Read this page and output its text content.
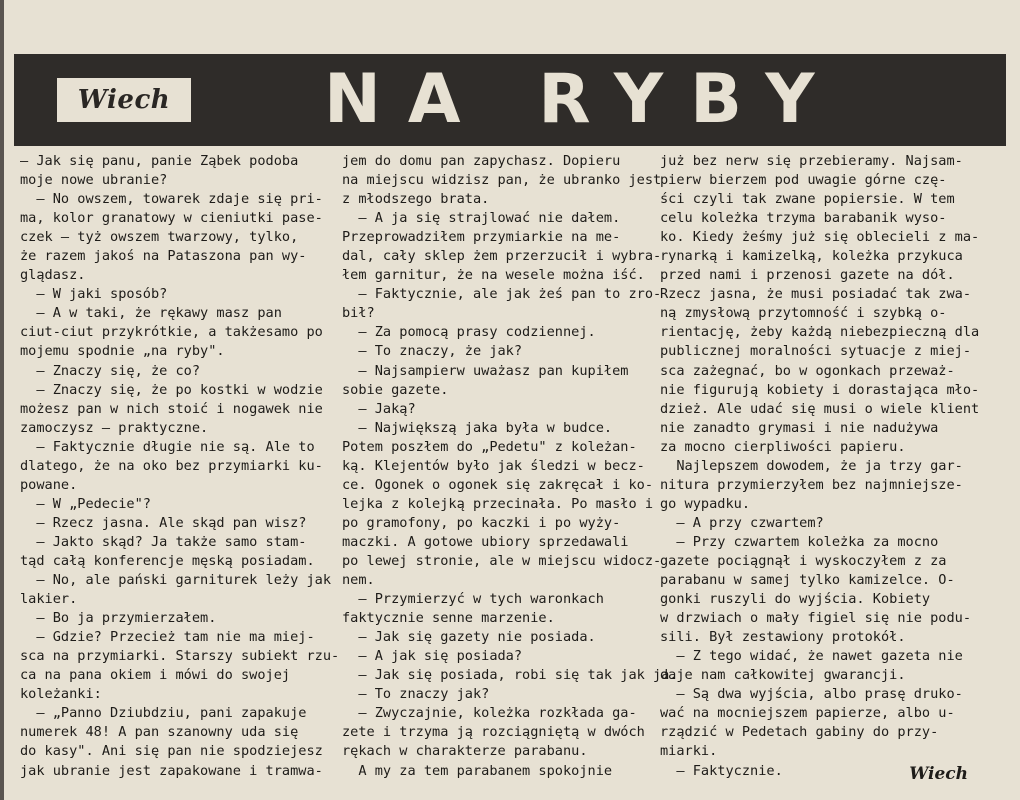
Wiech NA RYBY
— Jak się panu, panie Ząbek podoba
moje nowe ubranie?
— No owszem, towarek zdaje się pri-
ma, kolor granatowy w cieniutki pase-
czek — tyż owszem twarzowy, tylko,
że razem jakoś na Pataszona pan wy-
glądasz.
— W jaki sposób?
— A w taki, że rękawy masz pan
ciut-ciut przykrótkie, a takżesamo po
mojemu spodnie „na ryby".
— Znaczy się, że co?
— Znaczy się, że po kostki w wodzie
możesz pan w nich stoić i nogawek nie
zamoczysz — praktyczne.
— Faktycznie długie nie są. Ale to
dlatego, że na oko bez przymiarki ku-
powane.
— W „Pedecie"?
— Rzecz jasna. Ale skąd pan wisz?
— Jakto skąd? Ja także samo stam-
tąd całą konferencje męską posiadam.
— No, ale pański garniturek leży jak
lakier.
— Bo ja przymierzałem.
— Gdzie? Przecież tam nie ma miej-
sca na przymiarki. Starszy subiekt rzu-
ca na pana okiem i mówi do swojej
koleżanki:
— „Panno Dziubdziu, pani zapakuje
numerek 48! A pan szanowny uda się
do kasy". Ani się pan nie spodziejesz
jak ubranie jest zapakowane i tramwa-
jem do domu pan zapychasz. Dopieru
na miejscu widzisz pan, że ubranko jest
z młodszego brata.
— A ja się strajlować nie dałem.
Przeprowadziłem przymiarkie na me-
dal, cały sklep żem przerzucił i wybra-
łem garnitur, że na wesele można iść.
— Faktycznie, ale jak żeś pan to zro-
bił?
— Za pomocą prasy codziennej.
— To znaczy, że jak?
— Najsampierw uważasz pan kupiłem
sobie gazete.
— Jaką?
— Największą jaka była w budce.
Potem poszłem do „Pedetu" z koleżan-
ką. Klejentów było jak śledzi w becz-
ce. Ogonek o ogonek się zakręcał i ko-
lejka z kolejką przecinała. Po masło i
po gramofony, po kaczki i po wyży-
maczki. A gotowe ubiory sprzedawali
po lewej stronie, ale w miejscu widocz-
nem.
— Przymierzyć w tych waronkach
faktycznie senne marzenie.
— Jak się gazety nie posiada.
— A jak się posiada?
— Jak się posiada, robi się tak jak ja.
— To znaczy jak?
— Zwyczajnie, koleżka rozkłada ga-
zete i trzyma ją rozciągniętą w dwóch
rękach w charakterze parabanu.
A my za tem parabanem spokojnie
już bez nerw się przebieramy. Najsam-
pierw bierzem pod uwagie górne czę-
ści czyli tak zwane popiersie. W tem
celu koleżka trzyma barabanik wyso-
ko. Kiedy żeśmy już się oblecieli z ma-
rynarką i kamizelką, koleżka przykuca
przed nami i przenosi gazete na dół.
Rzecz jasna, że musi posiadać tak zwa-
ną zmysłową przytomność i szybką o-
rientację, żeby każdą niebezpieczną dla
publicznej moralności sytuacje z miej-
sca zażegnać, bo w ogonkach przeważ-
nie figurują kobiety i dorastająca mło-
dzież. Ale udać się musi o wiele klient
nie zanadto grymasi i nie nadużywa
za mocno cierpliwości papieru.
Najlepszem dowodem, że ja trzy gar-
nitura przymierzyłem bez najmniejsze-
go wypadku.
— A przy czwartem?
— Przy czwartem koleżka za mocno
gazete pociągnął i wyskoczyłem z za
parabanu w samej tylko kamizelce. O-
gonki ruszyli do wyjścia. Kobiety
w drzwiach o mały figiel się nie podu-
sili. Był zestawiony protokół.
— Z tego widać, że nawet gazeta nie
daje nam całkowitej gwarancji.
— Są dwa wyjścia, albo prasę druko-
wać na mocniejszem papierze, albo u-
rządzić w Pedetach gabiny do przy-
miarki.
— Faktycznie.	Wiech
